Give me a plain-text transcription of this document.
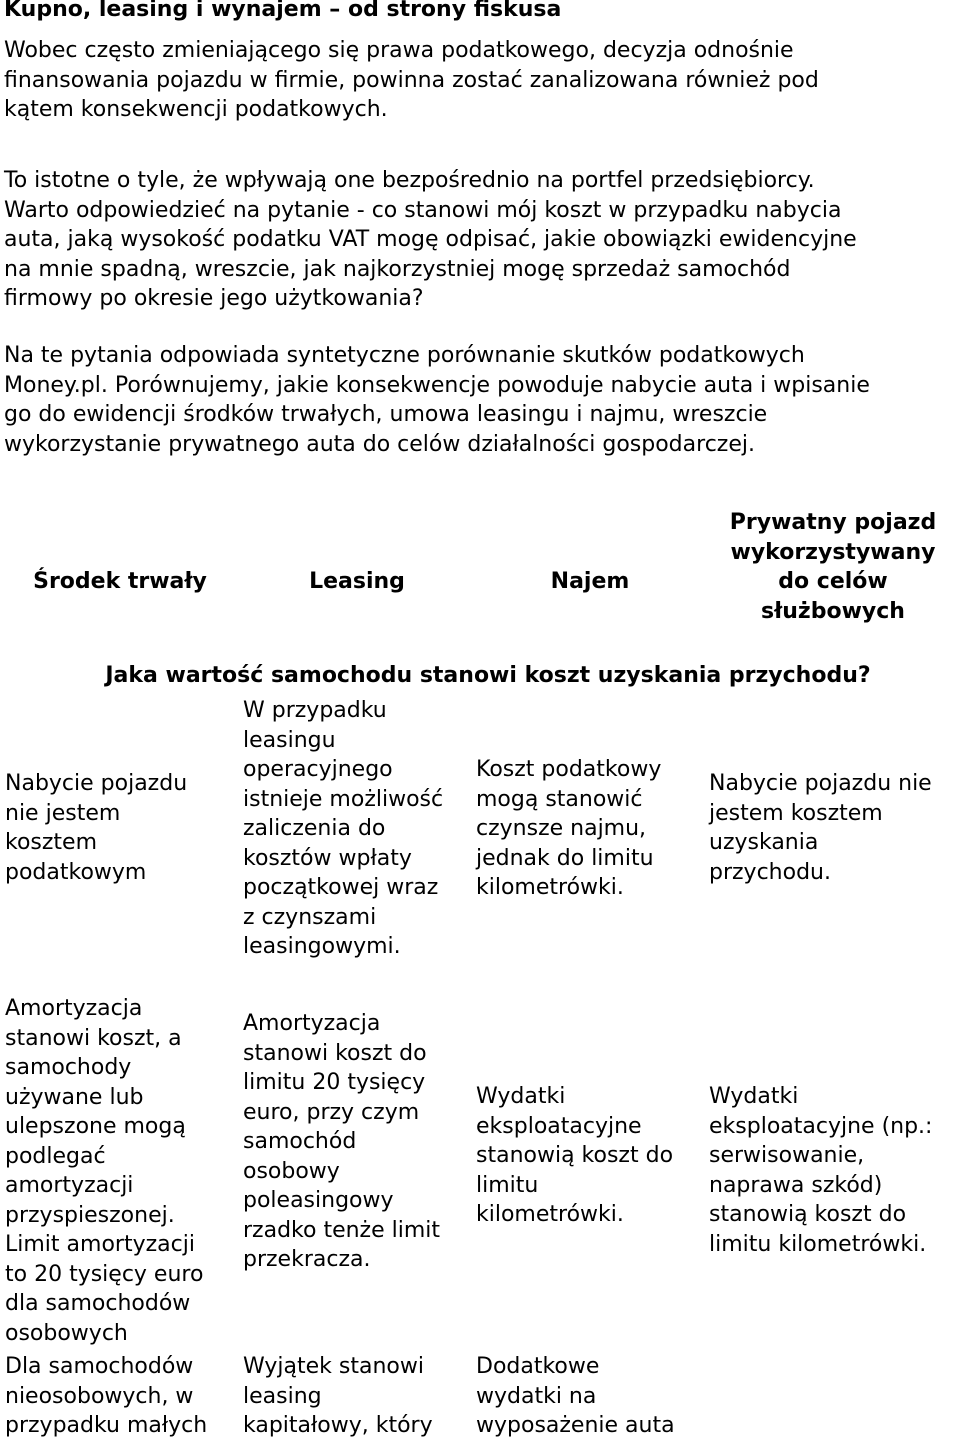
Kupno, leasing i wynajem – od strony fiskusa

Wobec często zmieniającego się prawa podatkowego, decyzja odnośnie
finansowania pojazdu w firmie, powinna zostać zanalizowana również pod
kątem konsekwencji podatkowych.

To istotne o tyle, że wpływają one bezpośrednio na portfel przedsiębiorcy.
Warto odpowiedzieć na pytanie - co stanowi mój koszt w przypadku nabycia
auta, jaką wysokość podatku VAT mogę odpisać, jakie obowiązki ewidencyjne
na mnie spadną, wreszcie, jak najkorzystniej mogę sprzedaż samochód
firmowy po okresie jego użytkowania?

Na te pytania odpowiada syntetyczne porównanie skutków podatkowych
Money.pl. Porównujemy, jakie konsekwencje powoduje nabycie auta i wpisanie
go do ewidencji środków trwałych, umowa leasingu i najmu, wreszcie
wykorzystanie prywatnego auta do celów działalności gospodarczej.

Środek trwały	Leasing	Najem
Prywatny pojazd
wykorzystywany
do celów
służbowych
Jaka wartość samochodu stanowi koszt uzyskania przychodu?
Nabycie pojazdu
nie jestem
kosztem
podatkowym
W przypadku
leasingu
operacyjnego
istnieje możliwość
zaliczenia do
kosztów wpłaty
początkowej wraz
z czynszami
leasingowymi.
Koszt podatkowy
mogą stanowić
czynsze najmu,
jednak do limitu
kilometrówki.
Nabycie pojazdu nie
jestem kosztem
uzyskania
przychodu.
Amortyzacja
stanowi koszt, a
samochody
używane lub
ulepszone mogą
podlegać
amortyzacji
przyspieszonej.
Limit amortyzacji
to 20 tysięcy euro
dla samochodów
osobowych
Amortyzacja
stanowi koszt do
limitu 20 tysięcy
euro, przy czym
samochód
osobowy
poleasingowy
rzadko tenże limit
przekracza.
Wydatki
eksploatacyjne
stanowią koszt do
limitu
kilometrówki.
Wydatki
eksploatacyjne (np.:
serwisowanie,
naprawa szkód)
stanowią koszt do
limitu kilometrówki.
Dla samochodów
nieosobowych, w
przypadku małych
Wyjątek stanowi
leasing
kapitałowy, który
Dodatkowe
wydatki na
wyposażenie auta
